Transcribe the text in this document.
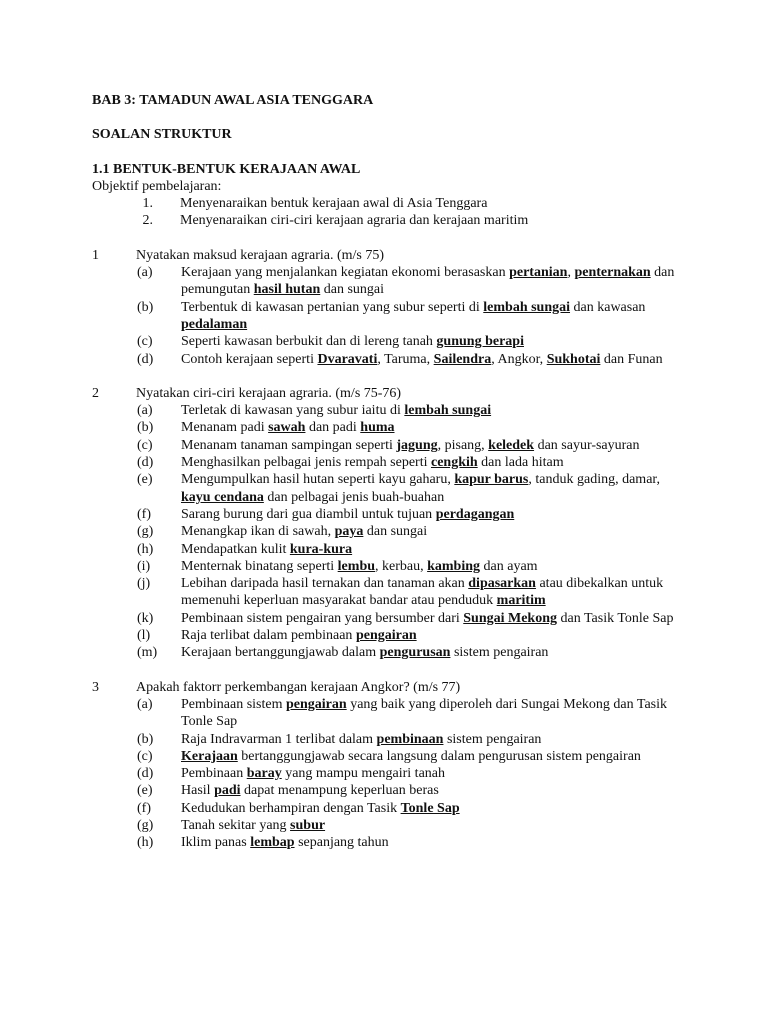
BAB 3: TAMADUN AWAL ASIA TENGGARA
SOALAN STRUKTUR
1.1 BENTUK-BENTUK KERAJAAN AWAL
Objektif pembelajaran:
1. Menyenaraikan bentuk kerajaan awal di Asia Tenggara
2. Menyenaraikan ciri-ciri kerajaan agraria dan kerajaan maritim
1	Nyatakan maksud kerajaan agraria. (m/s 75)
(a) Kerajaan yang menjalankan kegiatan ekonomi berasaskan pertanian, penternakan dan pemungutan hasil hutan dan sungai
(b) Terbentuk di kawasan pertanian yang subur seperti di lembah sungai dan kawasan pedalaman
(c) Seperti kawasan berbukit dan di lereng tanah gunung berapi
(d) Contoh kerajaan seperti Dvaravati, Taruma, Sailendra, Angkor, Sukhotai dan Funan
2	Nyatakan ciri-ciri kerajaan agraria. (m/s 75-76)
(a) Terletak di kawasan yang subur iaitu di lembah sungai
(b) Menanam padi sawah dan padi huma
(c) Menanam tanaman sampingan seperti jagung, pisang, keledek dan sayur-sayuran
(d) Menghasilkan pelbagai jenis rempah seperti cengkih dan lada hitam
(e) Mengumpulkan hasil hutan seperti kayu gaharu, kapur barus, tanduk gading, damar, kayu cendana dan pelbagai jenis buah-buahan
(f) Sarang burung dari gua diambil untuk tujuan perdagangan
(g) Menangkap ikan di sawah, paya dan sungai
(h) Mendapatkan kulit kura-kura
(i) Menternak binatang seperti lembu, kerbau, kambing dan ayam
(j) Lebihan daripada hasil ternakan dan tanaman akan dipasarkan atau dibekalkan untuk memenuhi keperluan masyarakat bandar atau penduduk maritim
(k) Pembinaan sistem pengairan yang bersumber dari Sungai Mekong dan Tasik Tonle Sap
(l) Raja terlibat dalam pembinaan pengairan
(m) Kerajaan bertanggungjawab dalam pengurusan sistem pengairan
3	Apakah faktorr perkembangan kerajaan Angkor? (m/s 77)
(a) Pembinaan sistem pengairan yang baik yang diperoleh dari Sungai Mekong dan Tasik Tonle Sap
(b) Raja Indravarman 1 terlibat dalam pembinaan sistem pengairan
(c) Kerajaan bertanggungjawab secara langsung dalam pengurusan sistem pengairan
(d) Pembinaan baray yang mampu mengairi tanah
(e) Hasil padi dapat menampung keperluan beras
(f) Kedudukan berhampiran dengan Tasik Tonle Sap
(g) Tanah sekitar yang subur
(h) Iklim panas lembap sepanjang tahun
